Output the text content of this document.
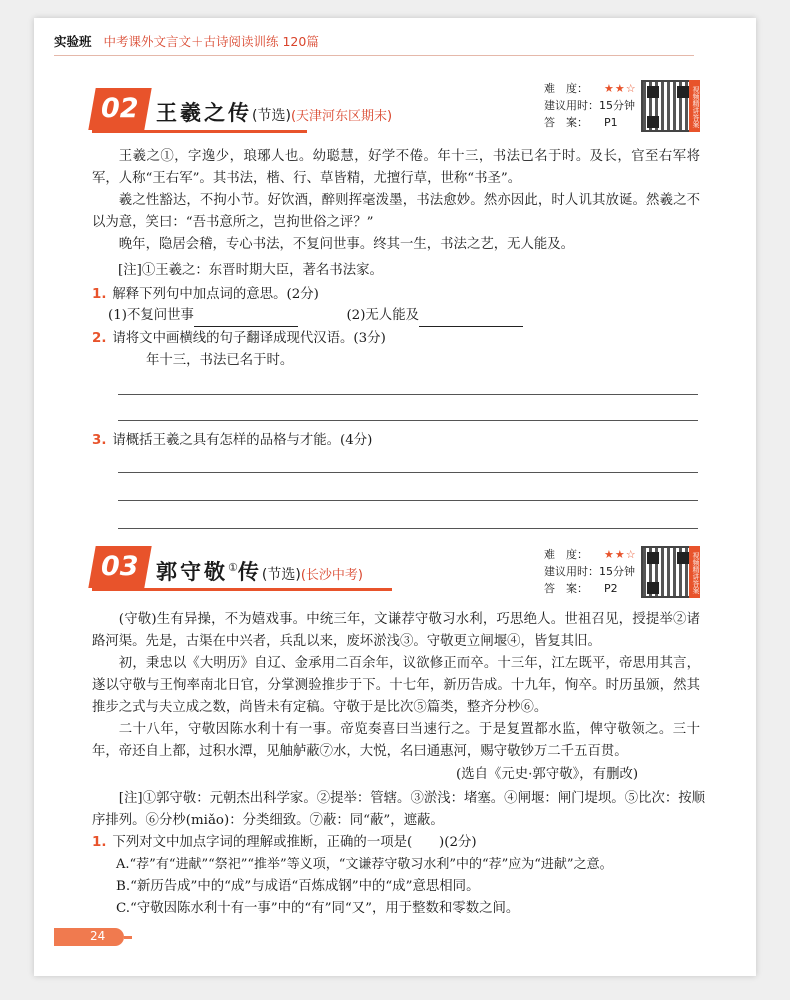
实验班 中考课外文言文＋古诗阅读训练 120篇
02 王羲之传(节选)(天津河东区期末)
难　度： ★★☆
建议用时：15分钟
答　案： P1	视频精讲答案
王羲之①，字逸少，琅琊人也。幼聪慧，好学不倦。年十三，书法已名于时。及长，官至右军将军，人称“王右军”。其书法，楷、行、草皆精，尤擅行草，世称“书圣”。
羲之性豁达，不拘小节。好饮酒，醉则挥毫泼墨，书法愈妙。然亦因此，时人讥其放诞。然羲之不以为意，笑曰：“吾书意所之，岂拘世俗之评？”
晚年，隐居会稽，专心书法，不复问世事。终其一生，书法之艺，无人能及。
[注]①王羲之：东晋时期大臣，著名书法家。
1. 解释下列句中加点词的意思。(2分)
(1)不复问世事	(2)无人能及
2. 请将文中画横线的句子翻译成现代汉语。(3分)
年十三，书法已名于时。
3. 请概括王羲之具有怎样的品格与才能。(4分)
03 郭守敬①传(节选)(长沙中考)
难　度： ★★☆
建议用时：15分钟
答　案： P2	视频精讲答案
(守敬)生有异操，不为嬉戏事。中统三年，文谦荐守敬习水利，巧思绝人。世祖召见，授提举②诸路河渠。先是，古渠在中兴者，兵乱以来，废坏淤浅③。守敬更立闸堰④，皆复其旧。
初，秉忠以《大明历》自辽、金承用二百余年，议欲修正而卒。十三年，江左既平，帝思用其言，遂以守敬与王恂率南北日官，分掌测验推步于下。十七年，新历告成。十九年，恂卒。时历虽颁，然其推步之式与夫立成之数，尚皆未有定稿。守敬于是比次⑤篇类，整齐分杪⑥。
二十八年，守敬因陈水利十有一事。帝览奏喜曰当速行之。于是复置都水监，俾守敬领之。三十年，帝还自上都，过积水潭，见舳舻蔽⑦水，大悦，名曰通惠河，赐守敬钞万二千五百贯。
(选自《元史·郭守敬》，有删改)
[注]①郭守敬：元朝杰出科学家。②提举：管辖。③淤浅：堵塞。④闸堰：闸门堤坝。⑤比次：按顺序排列。⑥分杪(miǎo)：分类细致。⑦蔽：同“蔽”，遮蔽。
1. 下列对文中加点字词的理解或推断，正确的一项是(　　)(2分)
A.“荐”有“进献”“祭祀”“推举”等义项，“文谦荐守敬习水利”中的“荐”应为“进献”之意。
B.“新历告成”中的“成”与成语“百炼成钢”中的“成”意思相同。
C.“守敬因陈水利十有一事”中的“有”同“又”，用于整数和零数之间。
24
